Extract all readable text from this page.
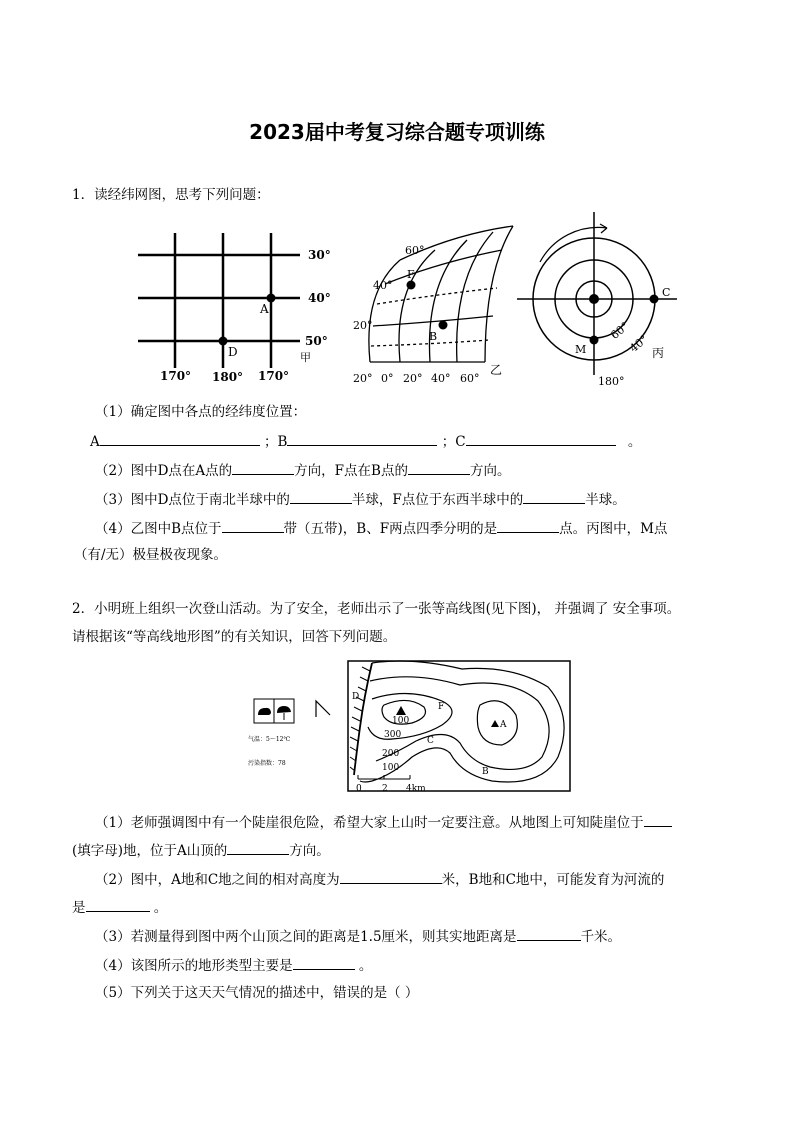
2023届中考复习综合题专项训练
1．读经纬网图，思考下列问题：
30°
40°
50°
170° 180° 170°
A
D	甲
60°
40°
20°
20° 0° 20° 40° 60°
F
B
乙
C
M
60°
40°
180°
丙
（1）确定图中各点的经纬度位置：
A	；B	；C	。
（2）图中D点在A点的	方向，F点在B点的	方向。
（3）图中D点位于南北半球中的	半球，F点位于东西半球中的	半球。
（4）乙图中B点位于	带（五带)，B、F两点四季分明的是	点。丙图中，M点
（有/无）极昼极夜现象。
2．小明班上组织一次登山活动。为了安全，老师出示了一张等高线图(见下图)， 并强调了 安全事项。
请根据该“等高线地形图”的有关知识，回答下列问题。
气温：5～12℃
污染指数：78
D
100
F
A
300
C
200
100	B
0 2 4km
（1）老师强调图中有一个陡崖很危险，希望大家上山时一定要注意。从地图上可知陡崖位于
(填字母)地，位于A山顶的	方向。
（2）图中，A地和C地之间的相对高度为	米，B地和C地中，可能发育为河流的
是	。
（3）若测量得到图中两个山顶之间的距离是1.5厘米，则其实地距离是	千米。
（4）该图所示的地形类型主要是	。
（5）下列关于这天天气情况的描述中，错误的是（ ）
